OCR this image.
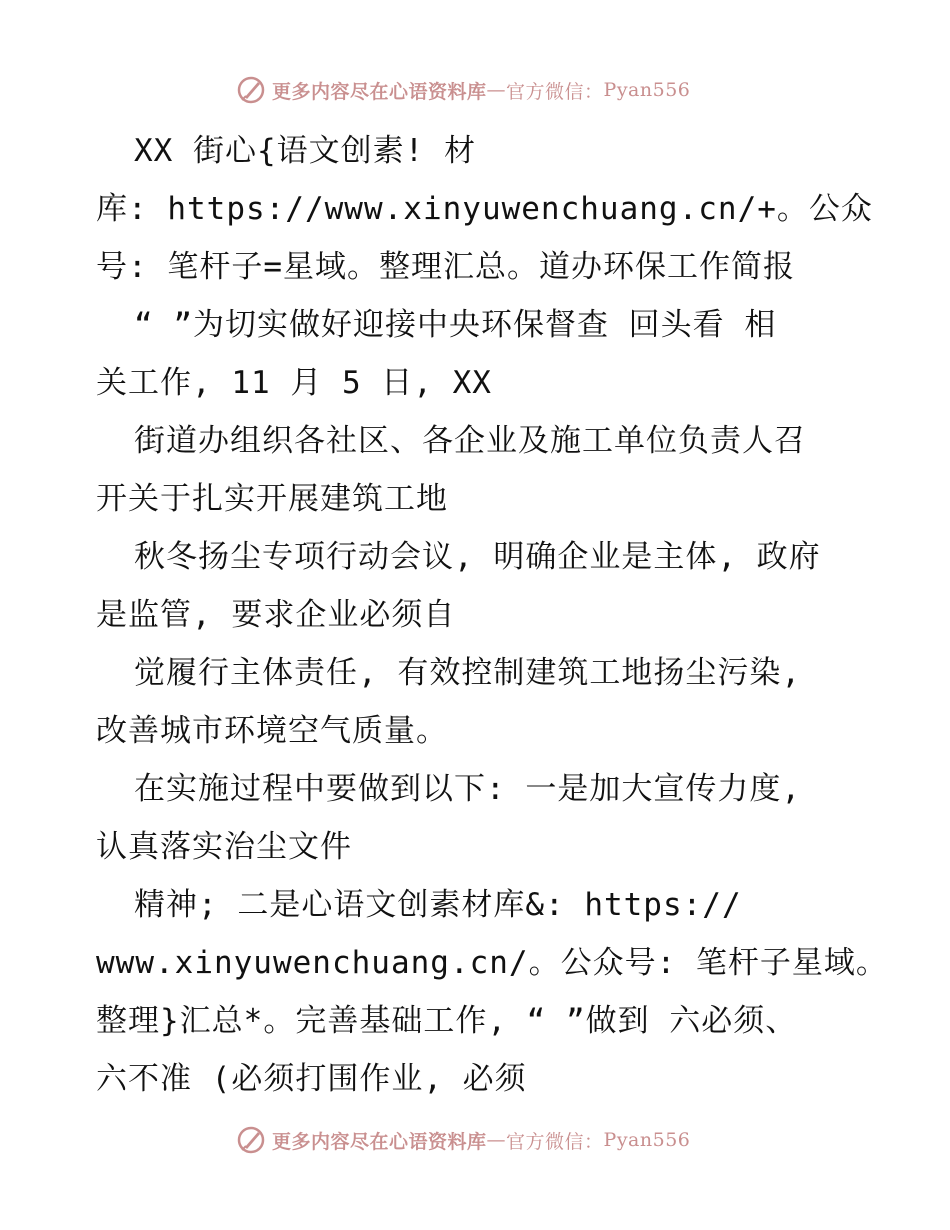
更多内容尽在心语资料库 — 官方微信： Pyan556
XX 街心{语文创素! 材
库: https://www.xinyuwenchuang.cn/+。公众
号: 笔杆子=星域。整理汇总。道办环保工作简报
“ ”为切实做好迎接中央环保督查 回头看 相
关工作, 11 月 5 日, XX
街道办组织各社区、各企业及施工单位负责人召
开关于扎实开展建筑工地
秋冬扬尘专项行动会议, 明确企业是主体, 政府
是监管, 要求企业必须自
觉履行主体责任, 有效控制建筑工地扬尘污染,
改善城市环境空气质量。
在实施过程中要做到以下: 一是加大宣传力度,
认真落实治尘文件
精神; 二是心语文创素材库&: https://
www.xinyuwenchuang.cn/。公众号: 笔杆子星域。
整理}汇总*。完善基础工作, “ ”做到 六必须、
六不准 (必须打围作业, 必须
更多内容尽在心语资料库 — 官方微信： Pyan556
